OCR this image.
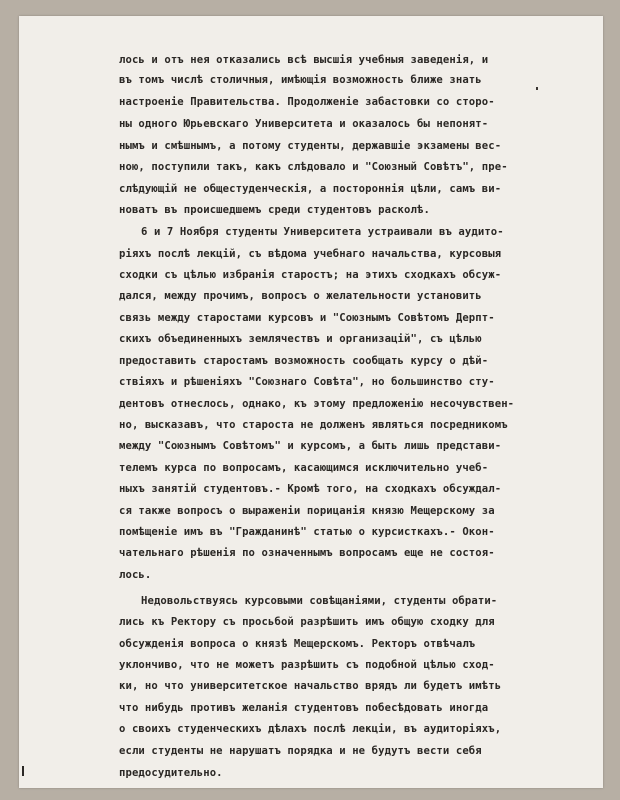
лось и отъ нея отказались всѣ высшія учебныя заведенія, и
въ томъ числѣ столичныя, имѣющія возможность ближе знать
настроеніе Правительства. Продолженіе забастовки со сторо-
ны одного Юрьевскаго Университета и оказалось бы непонят-
нымъ и смѣшнымъ, а потому студенты, державшіе экзамены вес-
ною, поступили такъ, какъ слѣдовало и "Союзный Совѣтъ", пре-
слѣдующій не общестуденческія, а постороннія цѣли, самъ ви-
новатъ въ происшедшемъ среди студентовъ расколѣ.
6 и 7 Ноября студенты Университета устраивали въ аудито-
ріяхъ послѣ лекцій, съ вѣдома учебнаго начальства, курсовыя
сходки съ цѣлью избранія старостъ; на этихъ сходкахъ обсуж-
дался, между прочимъ, вопросъ о желательности установить
связь между старостами курсовъ и "Союзнымъ Совѣтомъ Дерпт-
скихъ объединенныхъ землячествъ и организацій", съ цѣлью
предоставить старостамъ возможность сообщать курсу о дѣй-
ствіяхъ и рѣшеніяхъ "Союзнаго Совѣта", но большинство сту-
дентовъ отнеслось, однако, къ этому предложенію несочувствен-
но, высказавъ, что староста не долженъ являться посредникомъ
между "Союзнымъ Совѣтомъ" и курсомъ, а быть лишь представи-
телемъ курса по вопросамъ, касающимся исключительно учеб-
ныхъ занятій студентовъ.- Кромѣ того, на сходкахъ обсуждал-
ся также вопросъ о выраженіи порицанія князю Мещерскому за
помѣщеніе имъ въ "Гражданинѣ" статью о курсисткахъ.- Окон-
чательнаго рѣшенія по означеннымъ вопросамъ еще не состоя-
лось.
Недовольствуясь курсовыми совѣщаніями, студенты обрати-
лись къ Ректору съ просьбой разрѣшить имъ общую сходку для
обсужденія вопроса о князѣ Мещерскомъ. Ректоръ отвѣчалъ
уклончиво, что не можетъ разрѣшить съ подобной цѣлью сход-
ки, но что университетское начальство врядъ ли будетъ имѣть
что нибудь противъ желанія студентовъ побесѣдовать иногда
о своихъ студенческихъ дѣлахъ послѣ лекціи, въ аудиторіяхъ,
если студенты не нарушатъ порядка и не будутъ вести себя
предосудительно.
